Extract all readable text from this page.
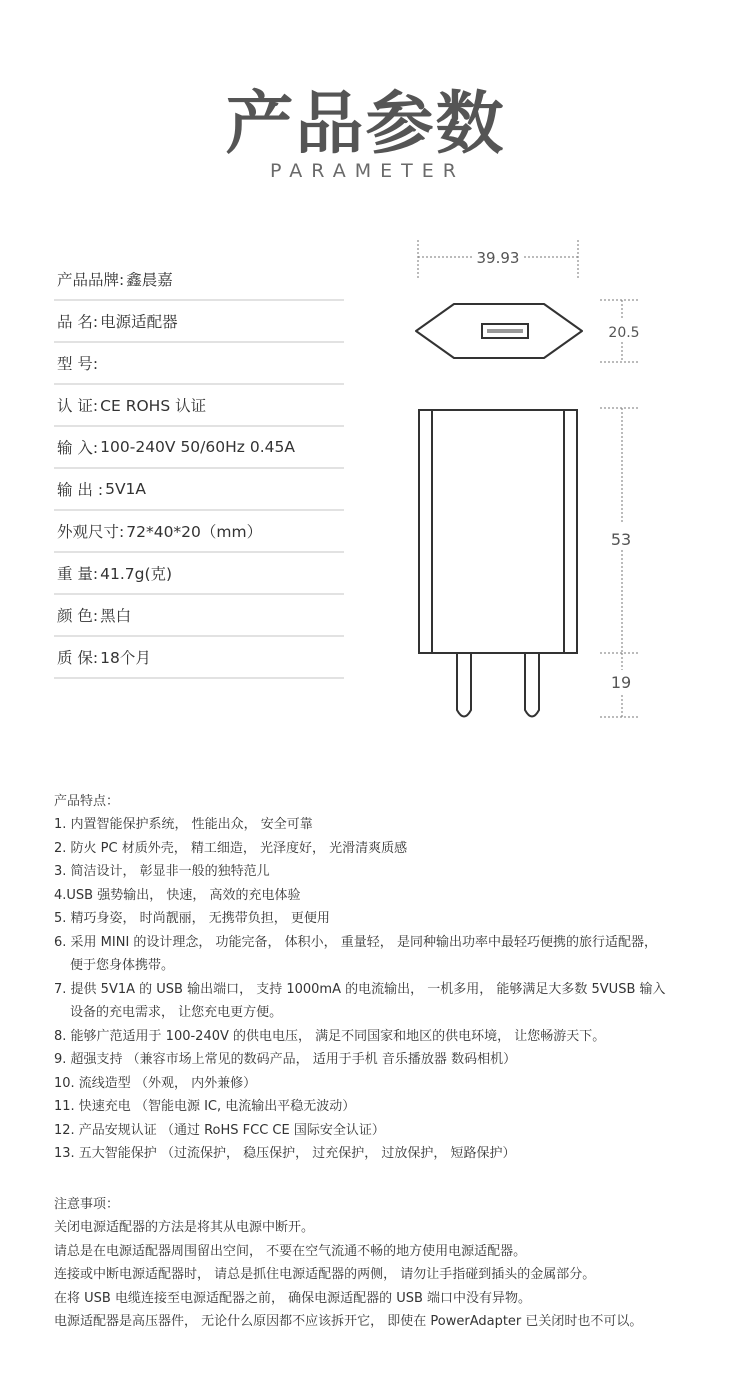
产品参数
PARAMETER
产品品牌: 鑫晨嘉
品 名: 电源适配器
型 号:
认 证: CE ROHS 认证
输 入: 100-240V 50/60Hz 0.45A
输 出 : 5V1A
外观尺寸: 72*40*20（mm）
重 量: 41.7g(克)
颜 色: 黑白
质 保: 18个月
39.93
20.5
53
19
产品特点：
1. 内置智能保护系统， 性能出众， 安全可靠
2. 防火 PC 材质外壳， 精工细造， 光泽度好， 光滑清爽质感
3. 简洁设计， 彰显非一般的独特范儿
4.USB 强势输出， 快速， 高效的充电体验
5. 精巧身姿， 时尚靓丽， 无携带负担， 更便用
6. 采用 MINI 的设计理念， 功能完备， 体积小， 重量轻， 是同种输出功率中最轻巧便携的旅行适配器，
便于您身体携带。
7. 提供 5V1A 的 USB 输出端口， 支持 1000mA 的电流输出， 一机多用， 能够满足大多数 5VUSB 输入
设备的充电需求， 让您充电更方便。
8. 能够广范适用于 100-240V 的供电电压， 满足不同国家和地区的供电环境， 让您畅游天下。
9. 超强支持 （兼容市场上常见的数码产品， 适用于手机 音乐播放器 数码相机）
10. 流线造型 （外观， 内外兼修）
11. 快速充电 （智能电源 IC, 电流输出平稳无波动）
12. 产品安规认证 （通过 RoHS FCC CE 国际安全认证）
13. 五大智能保护 （过流保护， 稳压保护， 过充保护， 过放保护， 短路保护）
注意事项：
关闭电源适配器的方法是将其从电源中断开。
请总是在电源适配器周围留出空间， 不要在空气流通不畅的地方使用电源适配器。
连接或中断电源适配器时， 请总是抓住电源适配器的两侧， 请勿让手指碰到插头的金属部分。
在将 USB 电缆连接至电源适配器之前， 确保电源适配器的 USB 端口中没有异物。
电源适配器是高压器件， 无论什么原因都不应该拆开它， 即使在 PowerAdapter 已关闭时也不可以。
